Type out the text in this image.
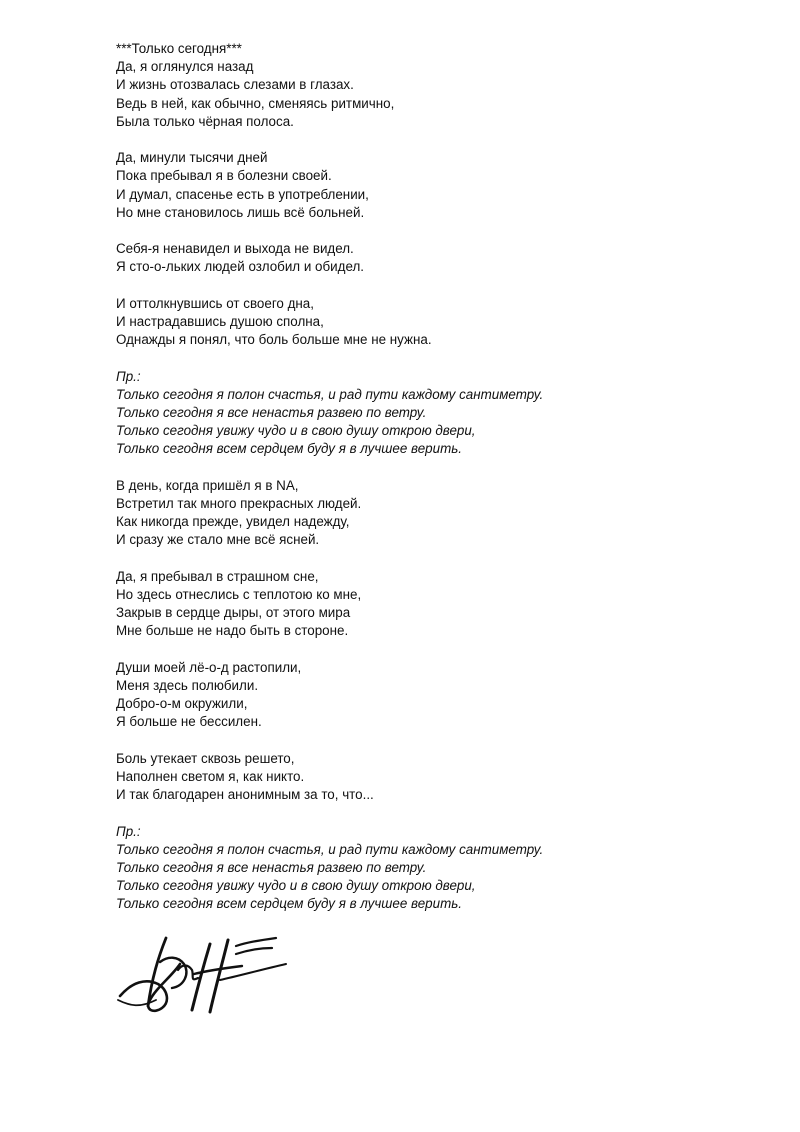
***Только сегодня***
Да, я оглянулся назад
И жизнь отозвалась слезами в глазах.
Ведь в ней, как обычно, сменяясь ритмично,
Была только чёрная полоса.
Да, минули тысячи дней
Пока пребывал я в болезни своей.
И думал, спасенье есть в употреблении,
Но мне становилось лишь всё больней.
Себя-я ненавидел и выхода не видел.
Я сто-о-льких людей озлобил и обидел.
И оттолкнувшись от своего дна,
И настрадавшись душою сполна,
Однажды я понял, что боль больше мне не нужна.
Пр.:
Только сегодня я полон счастья, и рад пути каждому сантиметру.
Только сегодня я все ненастья развею по ветру.
Только сегодня увижу чудо и в свою душу открою двери,
Только сегодня всем сердцем буду я в лучшее верить.
В день, когда пришёл я в NA,
Встретил так много прекрасных людей.
Как никогда прежде, увидел надежду,
И сразу же стало мне всё ясней.
Да, я пребывал в страшном сне,
Но здесь отнеслись с теплотою ко мне,
Закрыв в сердце дыры, от этого мира
Мне больше не надо быть в стороне.
Души моей лё-о-д растопили,
Меня здесь полюбили.
Добро-о-м окружили,
Я больше не бессилен.
Боль утекает сквозь решето,
Наполнен светом я, как никто.
И так благодарен анонимным за то, что...
Пр.:
Только сегодня я полон счастья, и рад пути каждому сантиметру.
Только сегодня я все ненастья развею по ветру.
Только сегодня увижу чудо и в свою душу открою двери,
Только сегодня всем сердцем буду я в лучшее верить.
